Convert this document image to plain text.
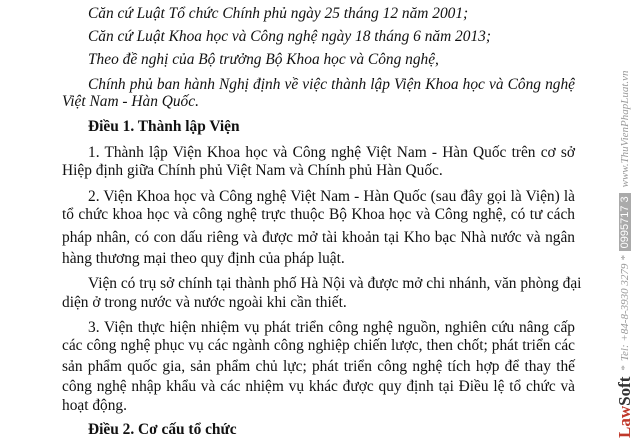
Căn cứ Luật Tổ chức Chính phủ ngày 25 tháng 12 năm 2001;
Căn cứ Luật Khoa học và Công nghệ ngày 18 tháng 6 năm 2013;
Theo đề nghị của Bộ trưởng Bộ Khoa học và Công nghệ,
Chính phủ ban hành Nghị định về việc thành lập Viện Khoa học và Công nghệ
Việt Nam - Hàn Quốc.
Điều 1. Thành lập Viện
1. Thành lập Viện Khoa học và Công nghệ Việt Nam - Hàn Quốc trên cơ sở
Hiệp định giữa Chính phủ Việt Nam và Chính phủ Hàn Quốc.
2. Viện Khoa học và Công nghệ Việt Nam - Hàn Quốc (sau đây gọi là Viện) là
tổ chức khoa học và công nghệ trực thuộc Bộ Khoa học và Công nghệ, có tư cách
pháp nhân, có con dấu riêng và được mở tài khoản tại Kho bạc Nhà nước và ngân
hàng thương mại theo quy định của pháp luật.
Viện có trụ sở chính tại thành phố Hà Nội và được mở chi nhánh, văn phòng đại
diện ở trong nước và nước ngoài khi cần thiết.
3. Viện thực hiện nhiệm vụ phát triển công nghệ nguồn, nghiên cứu nâng cấp
các công nghệ phục vụ các ngành công nghiệp chiến lược, then chốt; phát triển các
sản phẩm quốc gia, sản phẩm chủ lực; phát triển công nghệ tích hợp để thay thế
công nghệ nhập khẩu và các nhiệm vụ khác được quy định tại Điều lệ tổ chức và
hoạt động.
Điều 2. Cơ cấu tổ chức	Law
Soft
*
Tel: +84-8-3930 3279 *
0995717 3
www.ThuVienPhapLuat.vn
